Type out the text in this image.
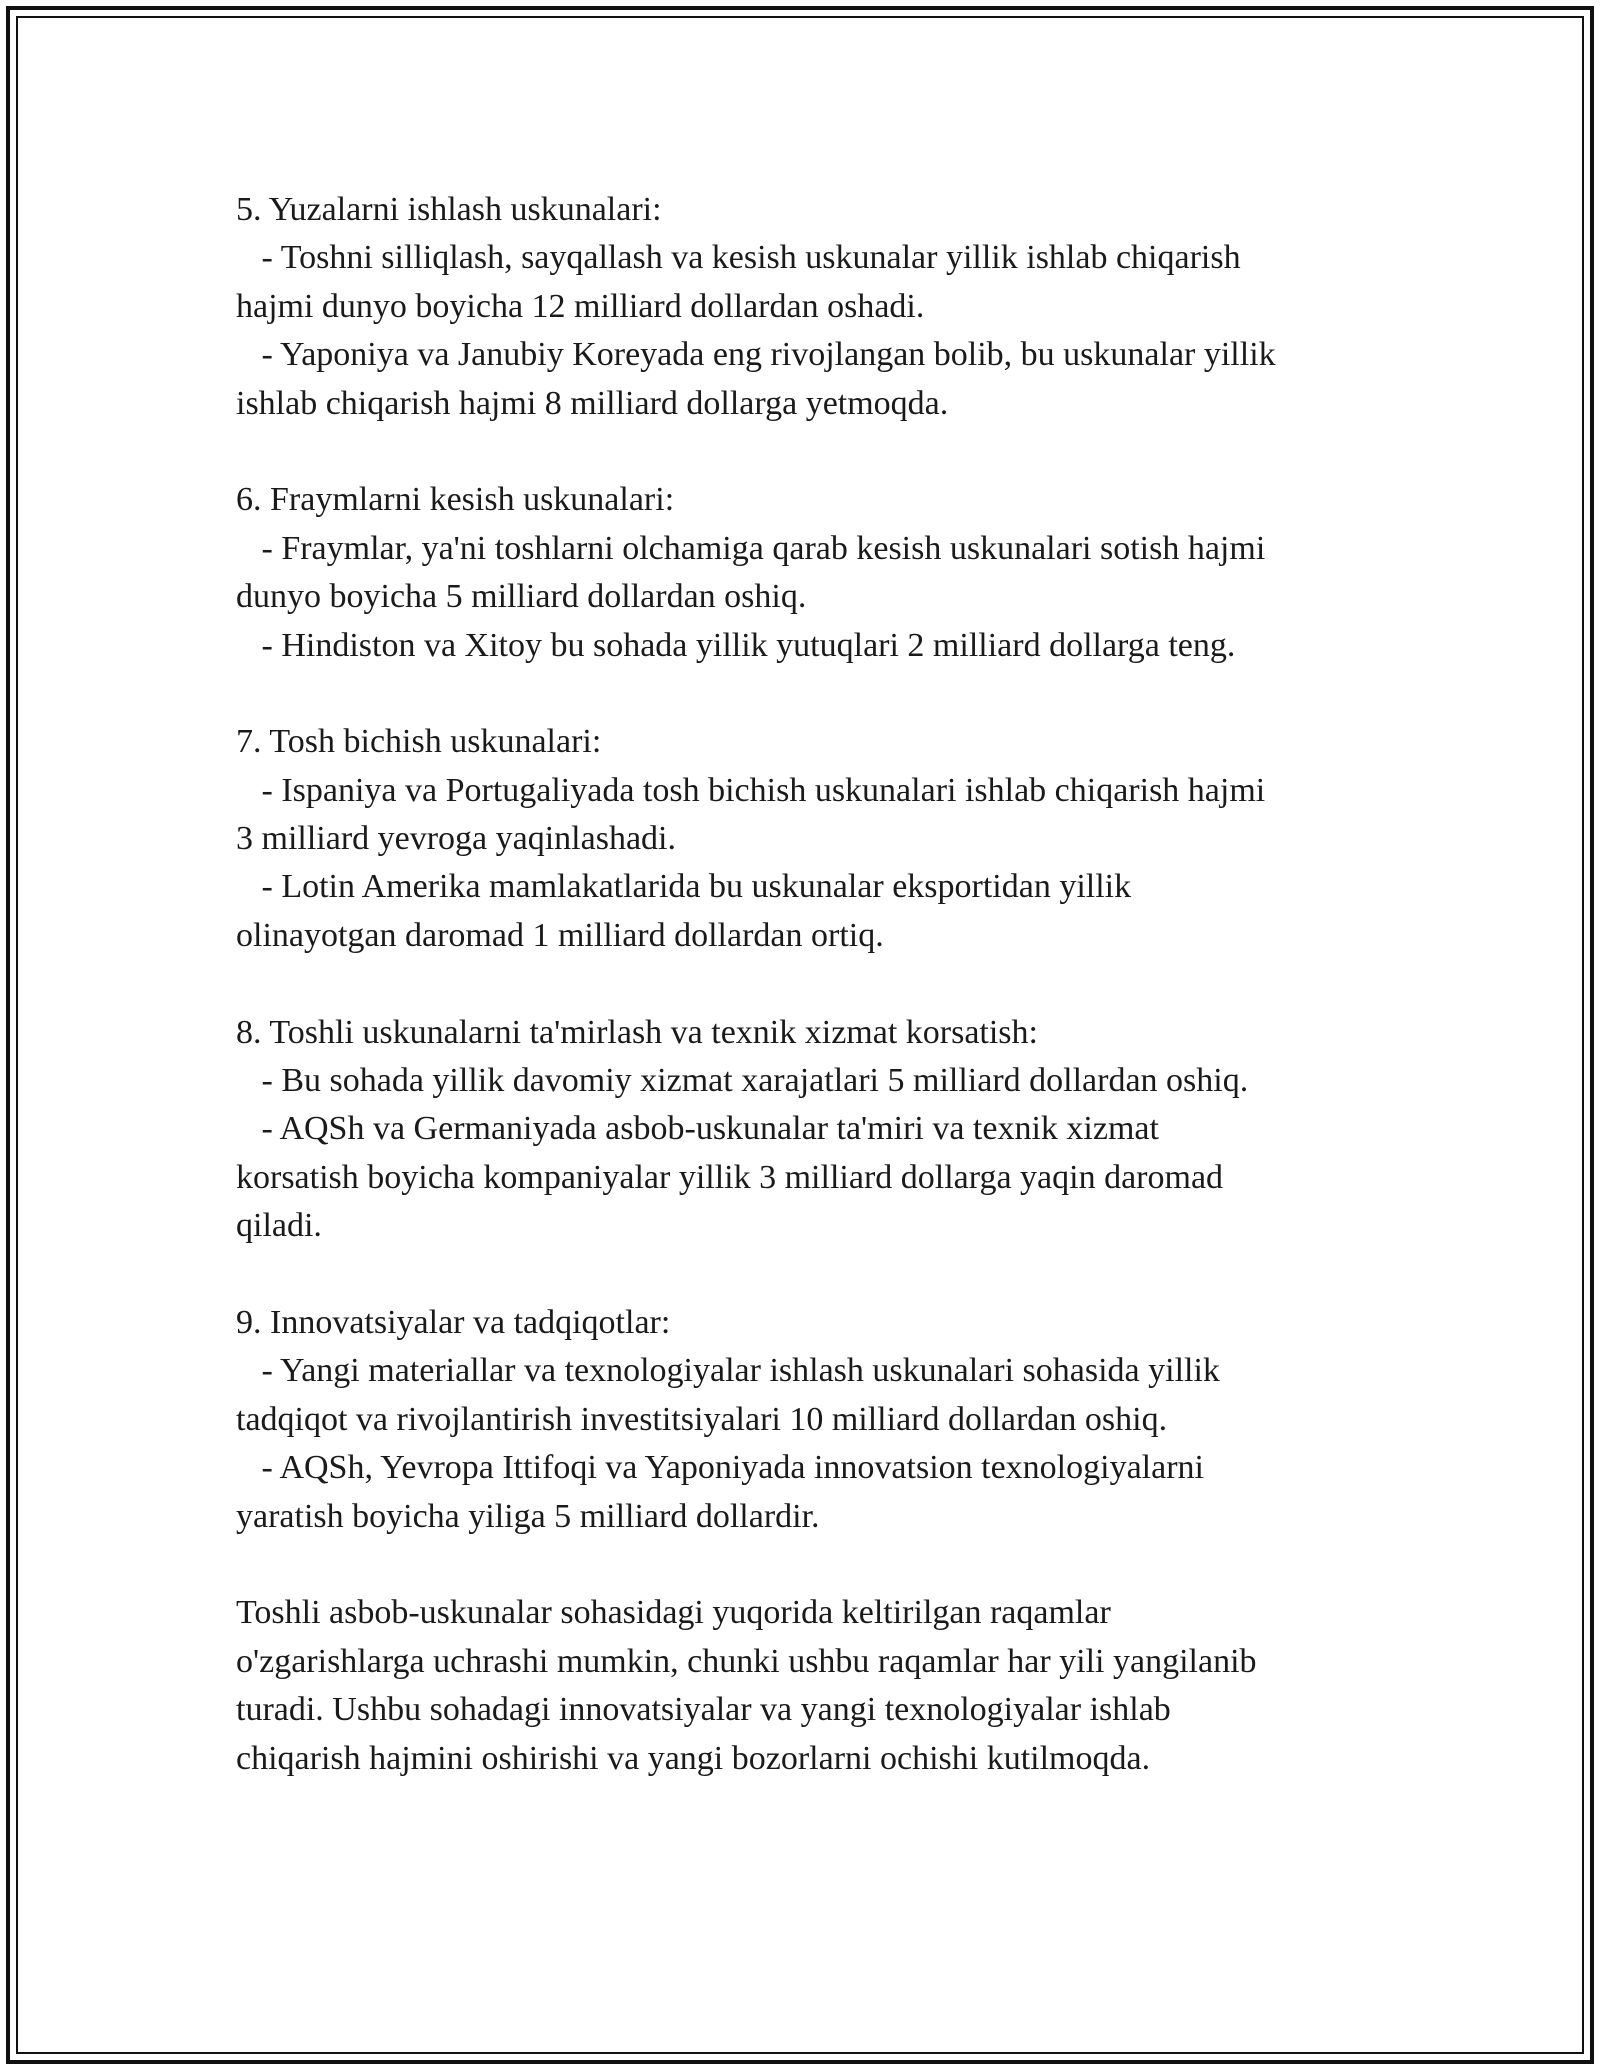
5. Yuzalarni ishlash uskunalari:

- Toshni silliqlash, sayqallash va kesish uskunalar yillik ishlab chiqarish

hajmi dunyo boyicha 12 milliard dollardan oshadi.

- Yaponiya va Janubiy Koreyada eng rivojlangan bolib, bu uskunalar yillik

ishlab chiqarish hajmi 8 milliard dollarga yetmoqda.

6. Fraymlarni kesish uskunalari:

- Fraymlar, ya'ni toshlarni olchamiga qarab kesish uskunalari sotish hajmi

dunyo boyicha 5 milliard dollardan oshiq.

- Hindiston va Xitoy bu sohada yillik yutuqlari 2 milliard dollarga teng.

7. Tosh bichish uskunalari:

- Ispaniya va Portugaliyada tosh bichish uskunalari ishlab chiqarish hajmi

3 milliard yevroga yaqinlashadi.

- Lotin Amerika mamlakatlarida bu uskunalar eksportidan yillik

olinayotgan daromad 1 milliard dollardan ortiq.

8. Toshli uskunalarni ta'mirlash va texnik xizmat korsatish:

- Bu sohada yillik davomiy xizmat xarajatlari 5 milliard dollardan oshiq.

- AQSh va Germaniyada asbob-uskunalar ta'miri va texnik xizmat

korsatish boyicha kompaniyalar yillik 3 milliard dollarga yaqin daromad

qiladi.

9. Innovatsiyalar va tadqiqotlar:

- Yangi materiallar va texnologiyalar ishlash uskunalari sohasida yillik

tadqiqot va rivojlantirish investitsiyalari 10 milliard dollardan oshiq.

- AQSh, Yevropa Ittifoqi va Yaponiyada innovatsion texnologiyalarni

yaratish boyicha yiliga 5 milliard dollardir.

Toshli asbob-uskunalar sohasidagi yuqorida keltirilgan raqamlar

o'zgarishlarga uchrashi mumkin, chunki ushbu raqamlar har yili yangilanib

turadi. Ushbu sohadagi innovatsiyalar va yangi texnologiyalar ishlab

chiqarish hajmini oshirishi va yangi bozorlarni ochishi kutilmoqda.
